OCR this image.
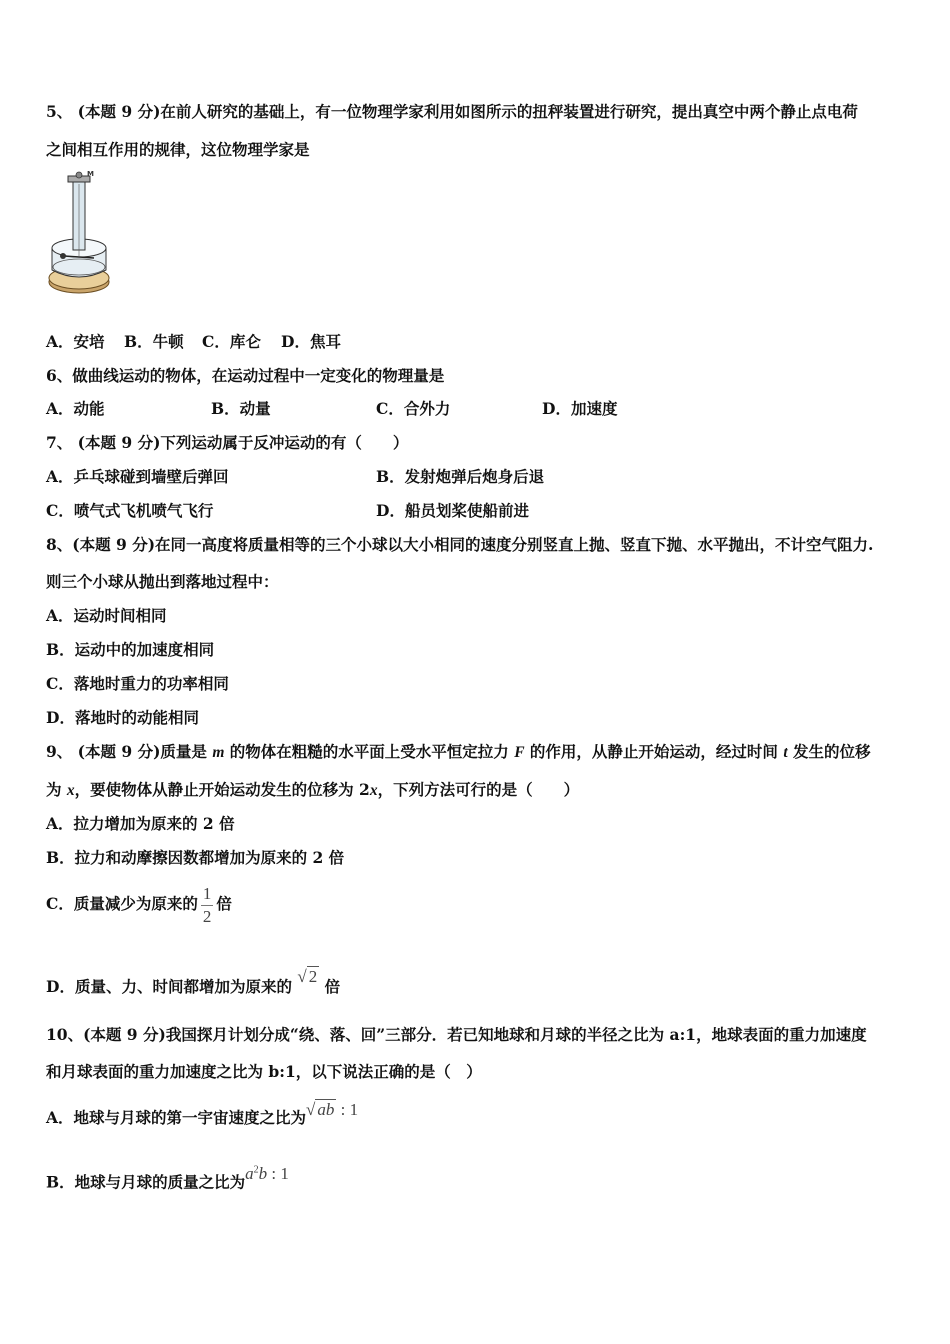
5、 (本题 9 分)在前人研究的基础上，有一位物理学家利用如图所示的扭秤装置进行研究，提出真空中两个静止点电荷
之间相互作用的规律，这位物理学家是
M
A．安培 B．牛顿 C．库仑 D．焦耳
6、做曲线运动的物体，在运动过程中一定变化的物理量是
A．动能	B．动量	C．合外力	D．加速度
7、 (本题 9 分)下列运动属于反冲运动的有（　　）
A．乒乓球碰到墙壁后弹回	B．发射炮弹后炮身后退
C．喷气式飞机喷气飞行	D．船员划桨使船前进
8、(本题 9 分)在同一高度将质量相等的三个小球以大小相同的速度分别竖直上抛、竖直下抛、水平抛出，不计空气阻力.
则三个小球从抛出到落地过程中：
A．运动时间相同
B．运动中的加速度相同
C．落地时重力的功率相同
D．落地时的动能相同
9、 (本题 9 分)质量是 m 的物体在粗糙的水平面上受水平恒定拉力 F 的作用，从静止开始运动，经过时间 t 发生的位移
为 x，要使物体从静止开始运动发生的位移为 2x，下列方法可行的是（　　）
A．拉力增加为原来的 2 倍
B．拉力和动摩擦因数都增加为原来的 2 倍
C．质量减少为原来的 $\frac{1}{2}$ 倍
D．质量、力、时间都增加为原来的 √ 2 倍
10、(本题 9 分)我国探月计划分成“绕、落、回”三部分．若已知地球和月球的半径之比为 a:1，地球表面的重力加速度
和月球表面的重力加速度之比为 b:1，以下说法正确的是（　）
A．地球与月球的第一宇宙速度之比为√ ab : 1
B．地球与月球的质量之比为$a^2b$ : 1
